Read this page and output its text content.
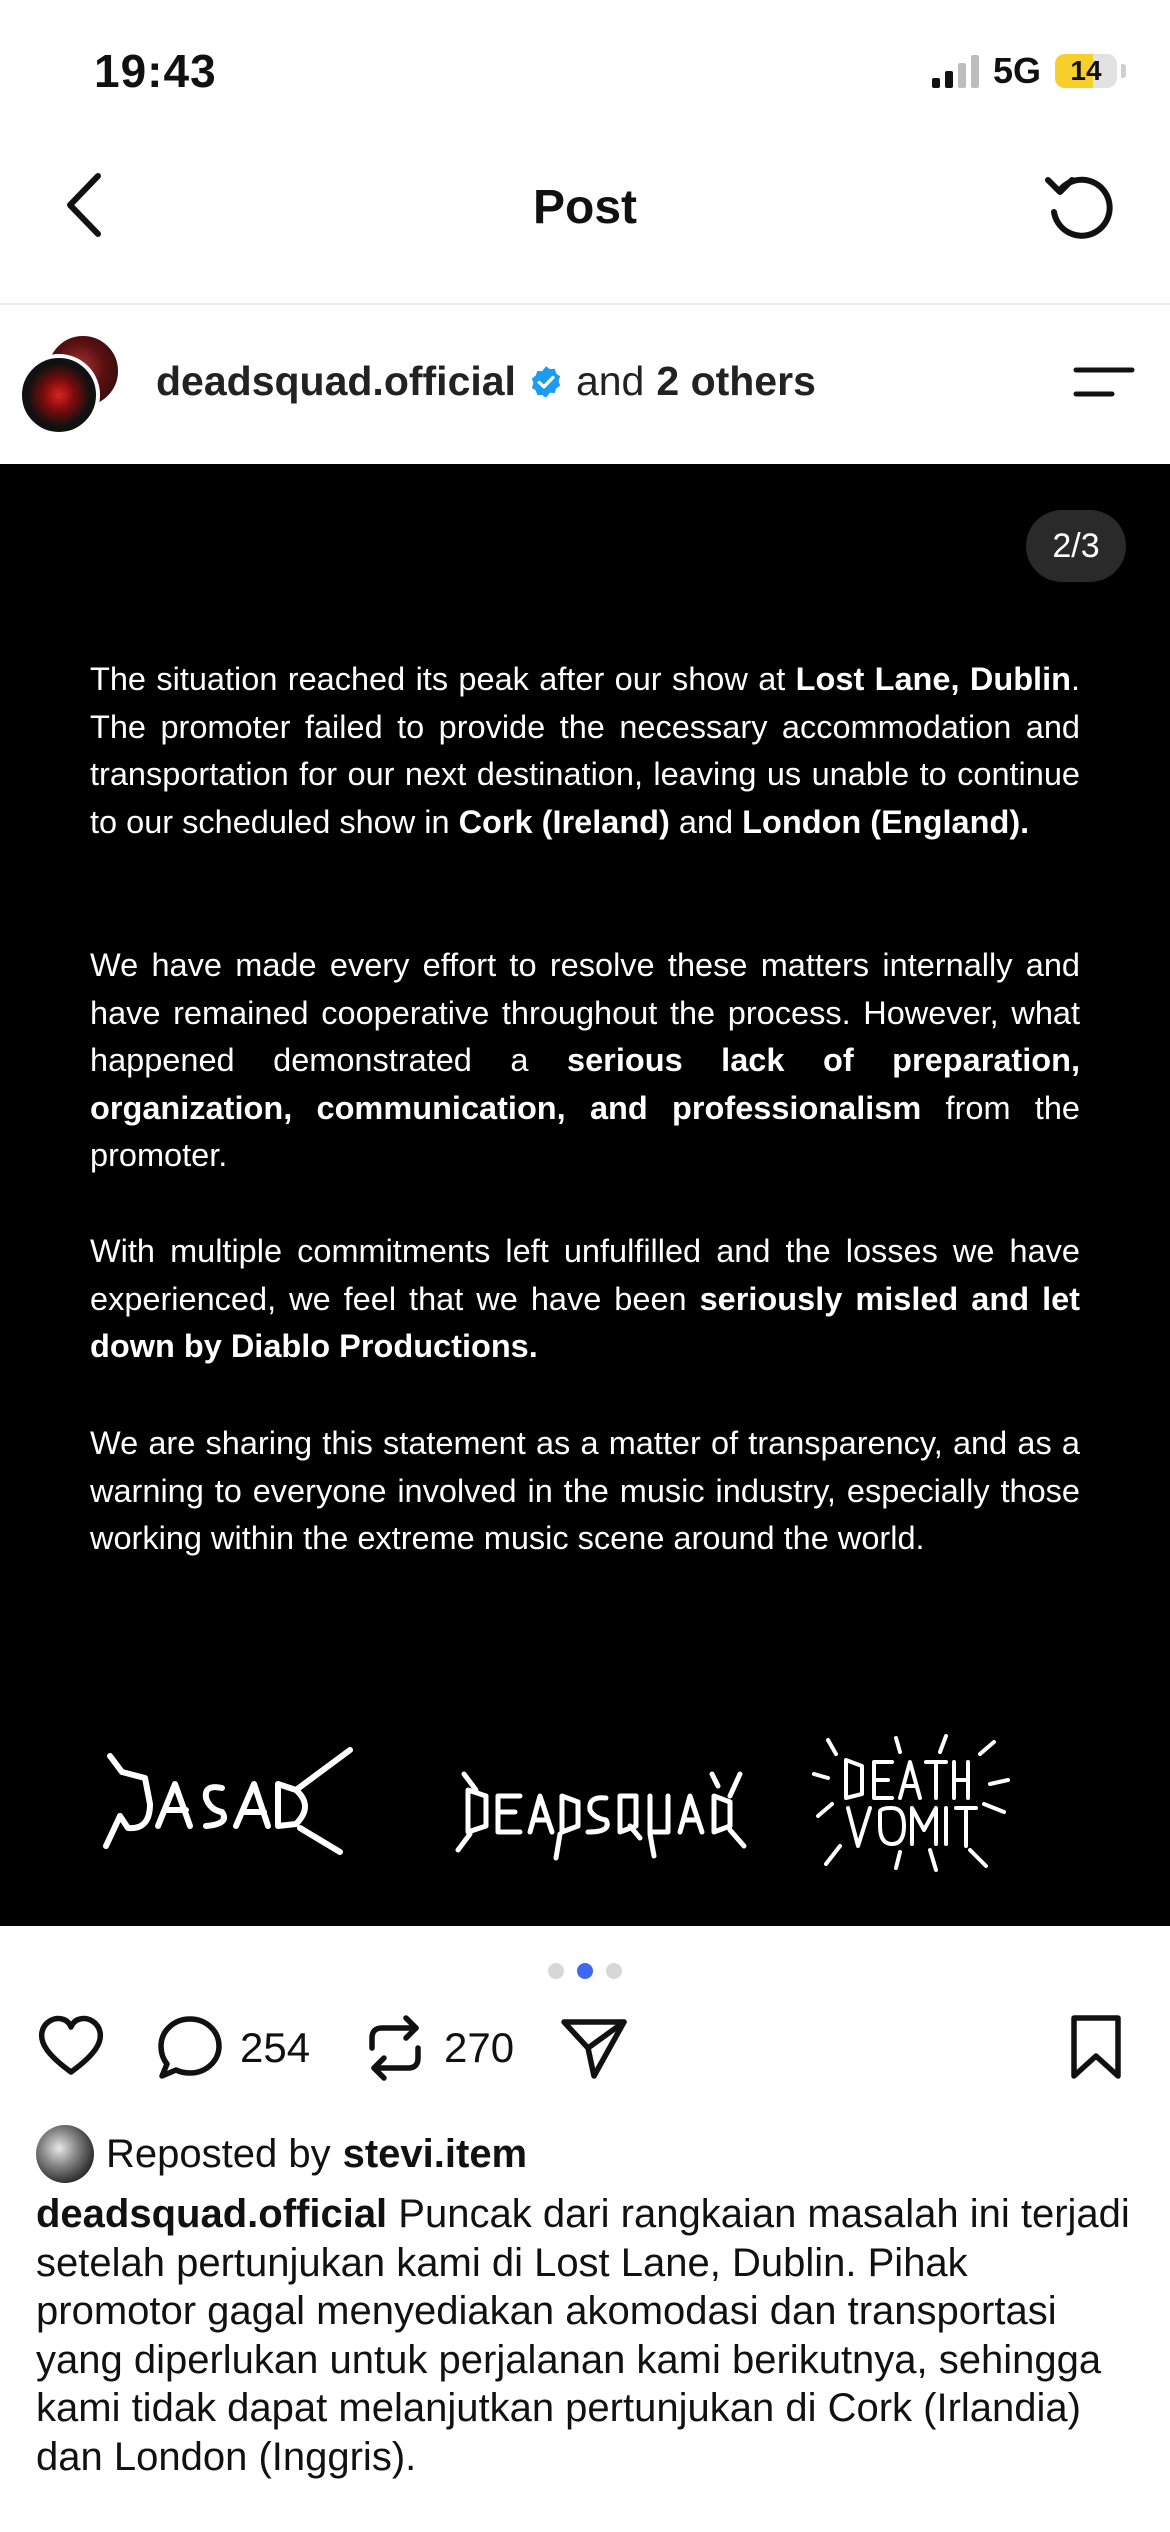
19:43	5G	14
Post
deadsquad.official and 2 others
2/3
The situation reached its peak after our show at Lost Lane, Dublin. The promoter failed to provide the necessary accommodation and transportation for our next destination, leaving us unable to continue to our scheduled show in Cork (Ireland) and London (England).
We have made every effort to resolve these matters internally and have remained cooperative throughout the process. However, what happened demonstrated a serious lack of preparation, organization, communication, and professionalism from the promoter.
With multiple commitments left unfulfilled and the losses we have experienced, we feel that we have been seriously misled and let down by Diablo Productions.
We are sharing this statement as a matter of transparency, and as a warning to everyone involved in the music industry, especially those working within the extreme music scene around the world.
254	270
Reposted by stevi.item
deadsquad.official Puncak dari rangkaian masalah ini terjadi setelah pertunjukan kami di Lost Lane, Dublin. Pihak promotor gagal menyediakan akomodasi dan transportasi yang diperlukan untuk perjalanan kami berikutnya, sehingga kami tidak dapat melanjutkan pertunjukan di Cork (Irlandia) dan London (Inggris).
